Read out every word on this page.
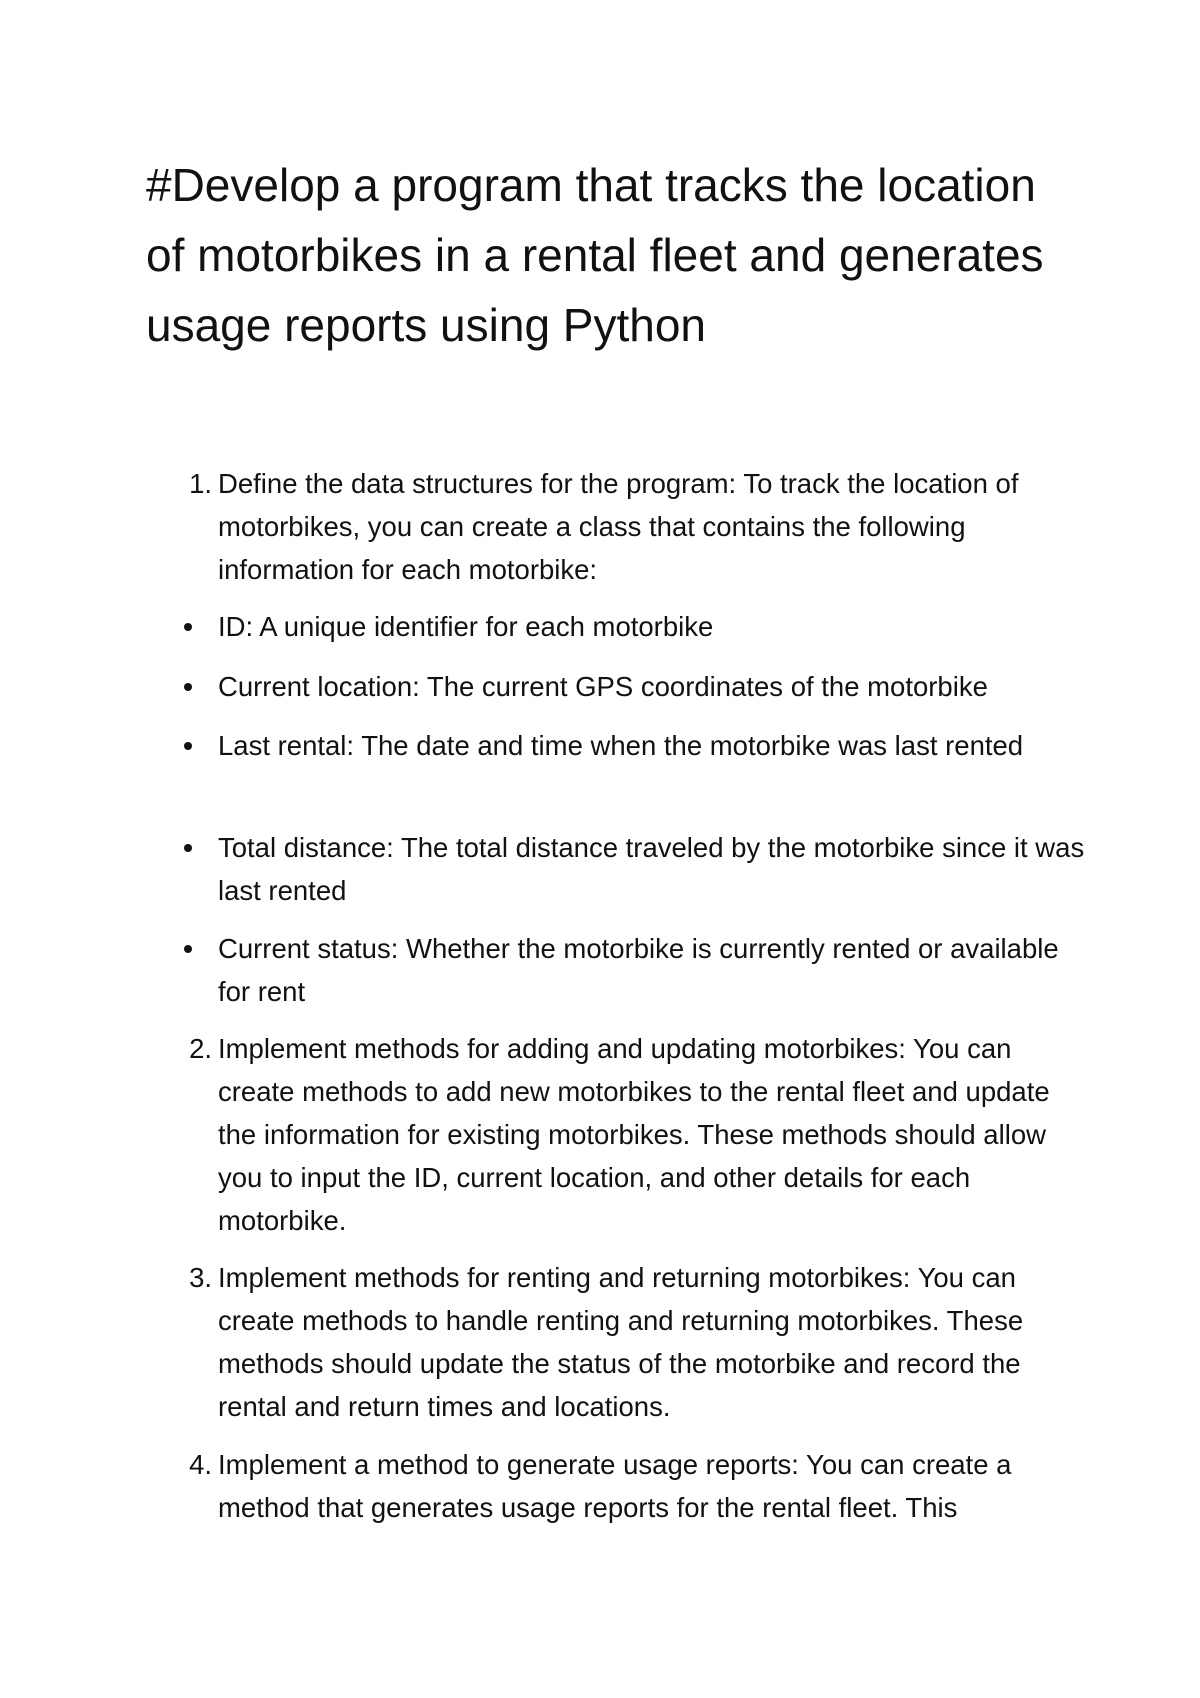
#Develop a program that tracks the location of motorbikes in a rental fleet and generates usage reports using Python
1. Define the data structures for the program: To track the location of motorbikes, you can create a class that contains the following information for each motorbike:
ID: A unique identifier for each motorbike
Current location: The current GPS coordinates of the motorbike
Last rental: The date and time when the motorbike was last rented
Total distance: The total distance traveled by the motorbike since it was last rented
Current status: Whether the motorbike is currently rented or available for rent
2. Implement methods for adding and updating motorbikes: You can create methods to add new motorbikes to the rental fleet and update the information for existing motorbikes. These methods should allow you to input the ID, current location, and other details for each motorbike.
3. Implement methods for renting and returning motorbikes: You can create methods to handle renting and returning motorbikes. These methods should update the status of the motorbike and record the rental and return times and locations.
4. Implement a method to generate usage reports: You can create a method that generates usage reports for the rental fleet. This
